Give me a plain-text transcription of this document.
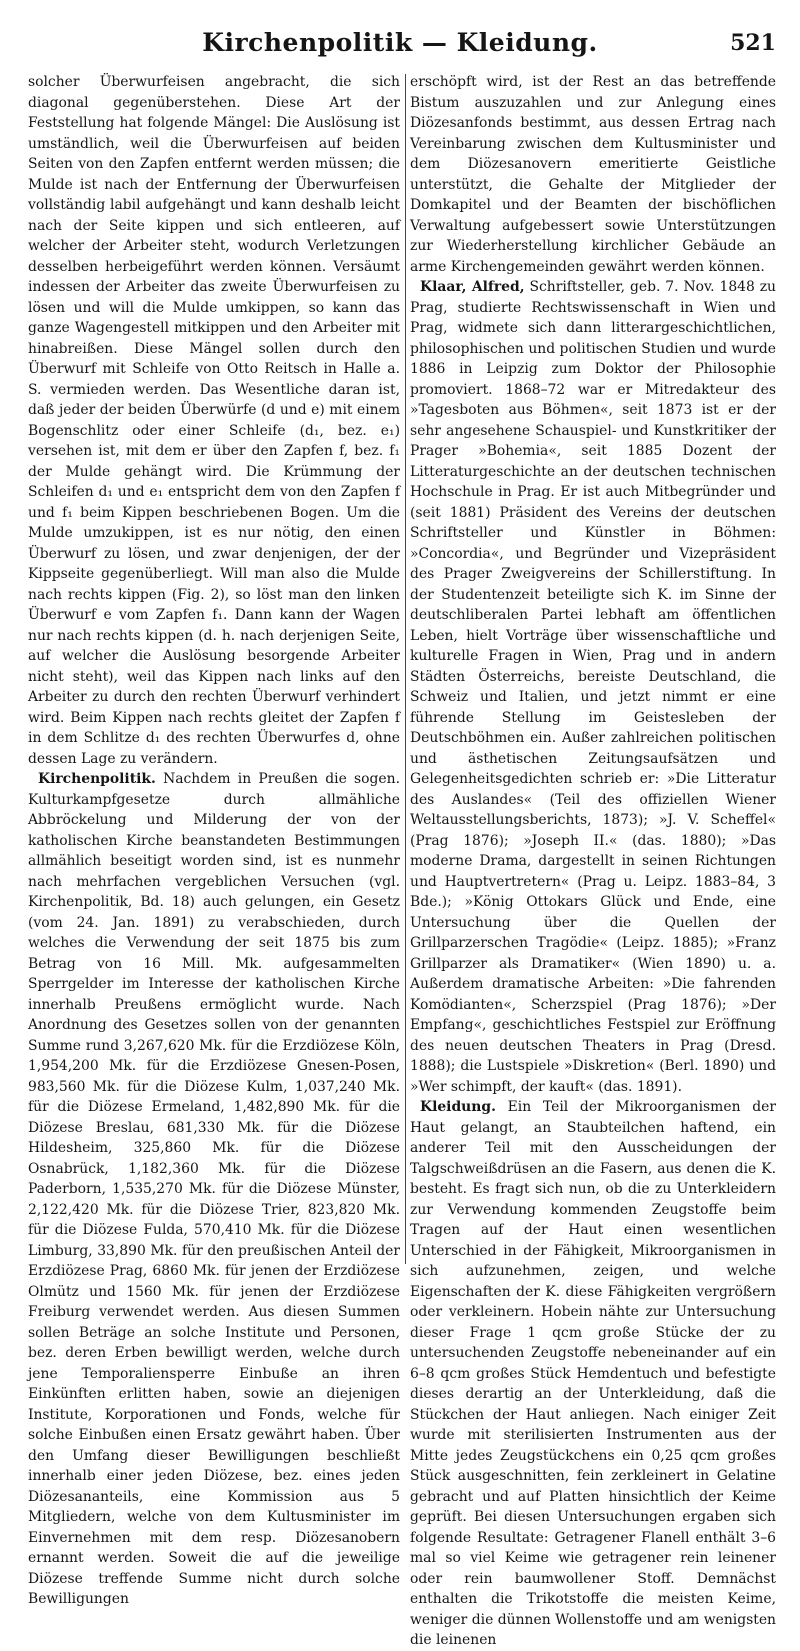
Kirchenpolitik — Kleidung.	521

solcher Überwurfeisen angebracht, die sich diagonal gegenüberstehen. Diese Art der Feststellung hat folgende Mängel: Die Auslösung ist umständlich, weil die Überwurfeisen auf beiden Seiten von den Zapfen entfernt werden müssen; die Mulde ist nach der Entfernung der Überwurfeisen vollständig labil aufgehängt und kann deshalb leicht nach der Seite kippen und sich entleeren, auf welcher der Arbeiter steht, wodurch Verletzungen desselben herbeigeführt werden können. Versäumt indessen der Arbeiter das zweite Überwurfeisen zu lösen und will die Mulde umkippen, so kann das ganze Wagengestell mitkippen und den Arbeiter mit hinabreißen. Diese Mängel sollen durch den Überwurf mit Schleife von Otto Reitsch in Halle a. S. vermieden werden. Das Wesentliche daran ist, daß jeder der beiden Überwürfe (d und e) mit einem Bogenschlitz oder einer Schleife (d₁, bez. e₁) versehen ist, mit dem er über den Zapfen f, bez. f₁ der Mulde gehängt wird. Die Krümmung der Schleifen d₁ und e₁ entspricht dem von den Zapfen f und f₁ beim Kippen beschriebenen Bogen. Um die Mulde umzukippen, ist es nur nötig, den einen Überwurf zu lösen, und zwar denjenigen, der der Kippseite gegenüberliegt. Will man also die Mulde nach rechts kippen (Fig. 2), so löst man den linken Überwurf e vom Zapfen f₁. Dann kann der Wagen nur nach rechts kippen (d. h. nach derjenigen Seite, auf welcher die Auslösung besorgende Arbeiter nicht steht), weil das Kippen nach links auf den Arbeiter zu durch den rechten Überwurf verhindert wird. Beim Kippen nach rechts gleitet der Zapfen f in dem Schlitze d₁ des rechten Überwurfes d, ohne dessen Lage zu verändern.

Kirchenpolitik. Nachdem in Preußen die sogen. Kulturkampfgesetze durch allmähliche Abbröckelung und Milderung der von der katholischen Kirche beanstandeten Bestimmungen allmählich beseitigt worden sind, ist es nunmehr nach mehrfachen vergeblichen Versuchen (vgl. Kirchenpolitik, Bd. 18) auch gelungen, ein Gesetz (vom 24. Jan. 1891) zu verabschieden, durch welches die Verwendung der seit 1875 bis zum Betrag von 16 Mill. Mk. aufgesammelten Sperrgelder im Interesse der katholischen Kirche innerhalb Preußens ermöglicht wurde. Nach Anordnung des Gesetzes sollen von der genannten Summe rund 3,267,620 Mk. für die Erzdiözese Köln, 1,954,200 Mk. für die Erzdiözese Gnesen-Posen, 983,560 Mk. für die Diözese Kulm, 1,037,240 Mk. für die Diözese Ermeland, 1,482,890 Mk. für die Diözese Breslau, 681,330 Mk. für die Diözese Hildesheim, 325,860 Mk. für die Diözese Osnabrück, 1,182,360 Mk. für die Diözese Paderborn, 1,535,270 Mk. für die Diözese Münster, 2,122,420 Mk. für die Diözese Trier, 823,820 Mk. für die Diözese Fulda, 570,410 Mk. für die Diözese Limburg, 33,890 Mk. für den preußischen Anteil der Erzdiözese Prag, 6860 Mk. für jenen der Erzdiözese Olmütz und 1560 Mk. für jenen der Erzdiözese Freiburg verwendet werden. Aus diesen Summen sollen Beträge an solche Institute und Personen, bez. deren Erben bewilligt werden, welche durch jene Temporaliensperre Einbuße an ihren Einkünften erlitten haben, sowie an diejenigen Institute, Korporationen und Fonds, welche für solche Einbußen einen Ersatz gewährt haben. Über den Umfang dieser Bewilligungen beschließt innerhalb einer jeden Diözese, bez. eines jeden Diözesananteils, eine Kommission aus 5 Mitgliedern, welche von dem Kultusminister im Einvernehmen mit dem resp. Diözesanobern ernannt werden. Soweit die auf die jeweilige Diözese treffende Summe nicht durch solche Bewilligungen

erschöpft wird, ist der Rest an das betreffende Bistum auszuzahlen und zur Anlegung eines Diözesanfonds bestimmt, aus dessen Ertrag nach Vereinbarung zwischen dem Kultusminister und dem Diözesanovern emeritierte Geistliche unterstützt, die Gehalte der Mitglieder der Domkapitel und der Beamten der bischöflichen Verwaltung aufgebessert sowie Unterstützungen zur Wiederherstellung kirchlicher Gebäude an arme Kirchengemeinden gewährt werden können.

Klaar, Alfred, Schriftsteller, geb. 7. Nov. 1848 zu Prag, studierte Rechtswissenschaft in Wien und Prag, widmete sich dann litterargeschichtlichen, philosophischen und politischen Studien und wurde 1886 in Leipzig zum Doktor der Philosophie promoviert. 1868–72 war er Mitredakteur des »Tagesboten aus Böhmen«, seit 1873 ist er der sehr angesehene Schauspiel- und Kunstkritiker der Prager »Bohemia«, seit 1885 Dozent der Litteraturgeschichte an der deutschen technischen Hochschule in Prag. Er ist auch Mitbegründer und (seit 1881) Präsident des Vereins der deutschen Schriftsteller und Künstler in Böhmen: »Concordia«, und Begründer und Vizepräsident des Prager Zweigvereins der Schillerstiftung. In der Studentenzeit beteiligte sich K. im Sinne der deutschliberalen Partei lebhaft am öffentlichen Leben, hielt Vorträge über wissenschaftliche und kulturelle Fragen in Wien, Prag und in andern Städten Österreichs, bereiste Deutschland, die Schweiz und Italien, und jetzt nimmt er eine führende Stellung im Geistesleben der Deutschböhmen ein. Außer zahlreichen politischen und ästhetischen Zeitungsaufsätzen und Gelegenheitsgedichten schrieb er: »Die Litteratur des Auslandes« (Teil des offiziellen Wiener Weltausstellungsberichts, 1873); »J. V. Scheffel« (Prag 1876); »Joseph II.« (das. 1880); »Das moderne Drama, dargestellt in seinen Richtungen und Hauptvertretern« (Prag u. Leipz. 1883–84, 3 Bde.); »König Ottokars Glück und Ende, eine Untersuchung über die Quellen der Grillparzerschen Tragödie« (Leipz. 1885); »Franz Grillparzer als Dramatiker« (Wien 1890) u. a. Außerdem dramatische Arbeiten: »Die fahrenden Komödianten«, Scherzspiel (Prag 1876); »Der Empfang«, geschichtliches Festspiel zur Eröffnung des neuen deutschen Theaters in Prag (Dresd. 1888); die Lustspiele »Diskretion« (Berl. 1890) und »Wer schimpft, der kauft« (das. 1891).

Kleidung. Ein Teil der Mikroorganismen der Haut gelangt, an Staubteilchen haftend, ein anderer Teil mit den Ausscheidungen der Talgschweißdrüsen an die Fasern, aus denen die K. besteht. Es fragt sich nun, ob die zu Unterkleidern zur Verwendung kommenden Zeugstoffe beim Tragen auf der Haut einen wesentlichen Unterschied in der Fähigkeit, Mikroorganismen in sich aufzunehmen, zeigen, und welche Eigenschaften der K. diese Fähigkeiten vergrößern oder verkleinern. Hobein nähte zur Untersuchung dieser Frage 1 qcm große Stücke der zu untersuchenden Zeugstoffe nebeneinander auf ein 6–8 qcm großes Stück Hemdentuch und befestigte dieses derartig an der Unterkleidung, daß die Stückchen der Haut anliegen. Nach einiger Zeit wurde mit sterilisierten Instrumenten aus der Mitte jedes Zeugstückchens ein 0,25 qcm großes Stück ausgeschnitten, fein zerkleinert in Gelatine gebracht und auf Platten hinsichtlich der Keime geprüft. Bei diesen Untersuchungen ergaben sich folgende Resultate: Getragener Flanell enthält 3–6 mal so viel Keime wie getragener rein leinener oder rein baumwollener Stoff. Demnächst enthalten die Trikotstoffe die meisten Keime, weniger die dünnen Wollenstoffe und am wenigsten die leinenen
